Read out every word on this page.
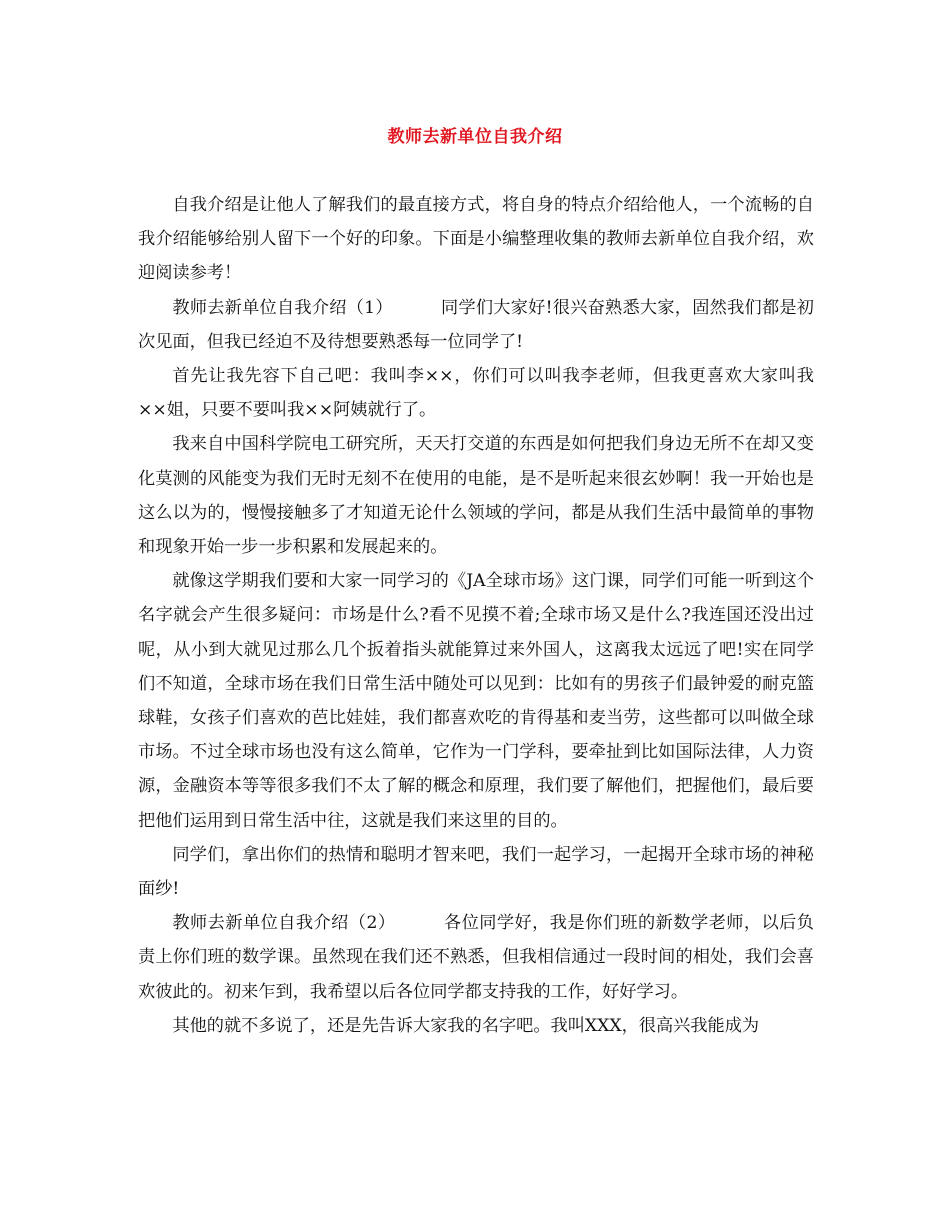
教师去新单位自我介绍

自我介绍是让他人了解我们的最直接方式，将自身的特点介绍给他人，一个流畅的自我介绍能够给别人留下一个好的印象。下面是小编整理收集的教师去新单位自我介绍，欢迎阅读参考！

教师去新单位自我介绍（1）	同学们大家好!很兴奋熟悉大家，固然我们都是初次见面，但我已经迫不及待想要熟悉每一位同学了!

首先让我先容下自己吧：我叫李××，你们可以叫我李老师，但我更喜欢大家叫我××姐，只要不要叫我××阿姨就行了。

我来自中国科学院电工研究所，天天打交道的东西是如何把我们身边无所不在却又变化莫测的风能变为我们无时无刻不在使用的电能，是不是听起来很玄妙啊！我一开始也是这么以为的，慢慢接触多了才知道无论什么领域的学问，都是从我们生活中最简单的事物和现象开始一步一步积累和发展起来的。

就像这学期我们要和大家一同学习的《JA全球市场》这门课，同学们可能一听到这个名字就会产生很多疑问：市场是什么?看不见摸不着;全球市场又是什么?我连国还没出过呢，从小到大就见过那么几个扳着指头就能算过来外国人，这离我太远远了吧!实在同学们不知道，全球市场在我们日常生活中随处可以见到：比如有的男孩子们最钟爱的耐克篮球鞋，女孩子们喜欢的芭比娃娃，我们都喜欢吃的肯得基和麦当劳，这些都可以叫做全球市场。不过全球市场也没有这么简单，它作为一门学科，要牵扯到比如国际法律，人力资源，金融资本等等很多我们不太了解的概念和原理，我们要了解他们，把握他们，最后要把他们运用到日常生活中往，这就是我们来这里的目的。

同学们，拿出你们的热情和聪明才智来吧，我们一起学习，一起揭开全球市场的神秘面纱!

教师去新单位自我介绍（2）	各位同学好，我是你们班的新数学老师，以后负责上你们班的数学课。虽然现在我们还不熟悉，但我相信通过一段时间的相处，我们会喜欢彼此的。初来乍到，我希望以后各位同学都支持我的工作，好好学习。

其他的就不多说了，还是先告诉大家我的名字吧。我叫XXX，很高兴我能成为
